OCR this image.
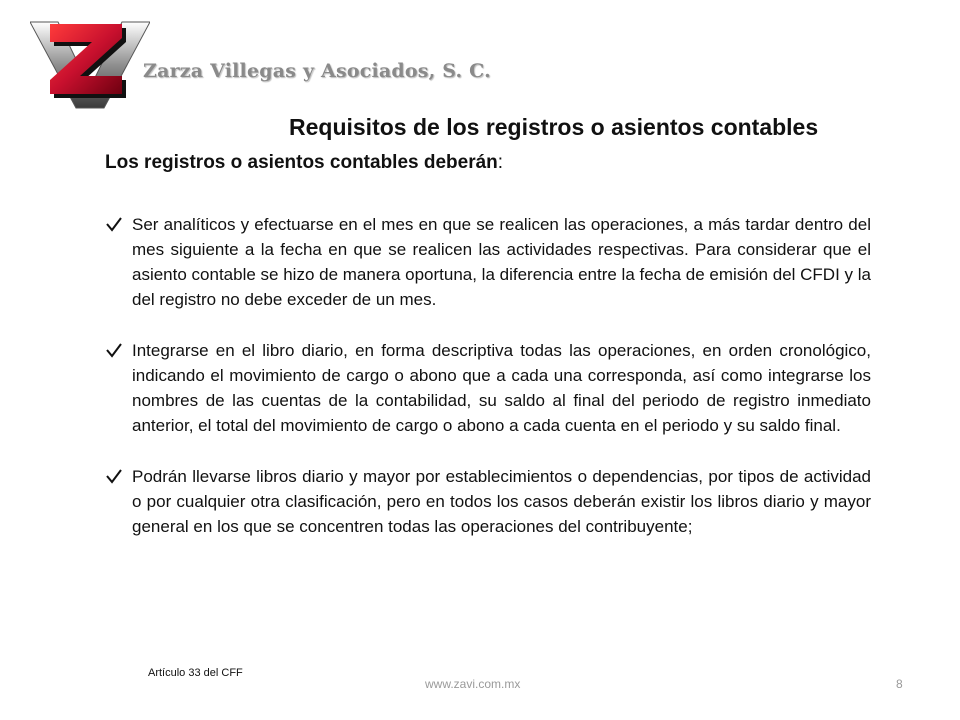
Zarza Villegas y Asociados, S. C.
Requisitos de los registros o asientos contables
Los registros o asientos contables deberán:
Ser analíticos y efectuarse en el mes en que se realicen las operaciones, a más tardar dentro del mes siguiente a la fecha en que se realicen las actividades respectivas. Para considerar que el asiento contable se hizo de manera oportuna, la diferencia entre la fecha de emisión del CFDI y la del registro no debe exceder de un mes.
Integrarse en el libro diario, en forma descriptiva todas las operaciones, en orden cronológico, indicando el movimiento de cargo o abono que a cada una corresponda, así como integrarse los nombres de las cuentas de la contabilidad, su saldo al final del periodo de registro inmediato anterior, el total del movimiento de cargo o abono a cada cuenta en el periodo y su saldo final.
Podrán llevarse libros diario y mayor por establecimientos o dependencias, por tipos de actividad o por cualquier otra clasificación, pero en todos los casos deberán existir los libros diario y mayor general en los que se concentren todas las operaciones del contribuyente;
Artículo 33 del CFF
www.zavi.com.mx	8
